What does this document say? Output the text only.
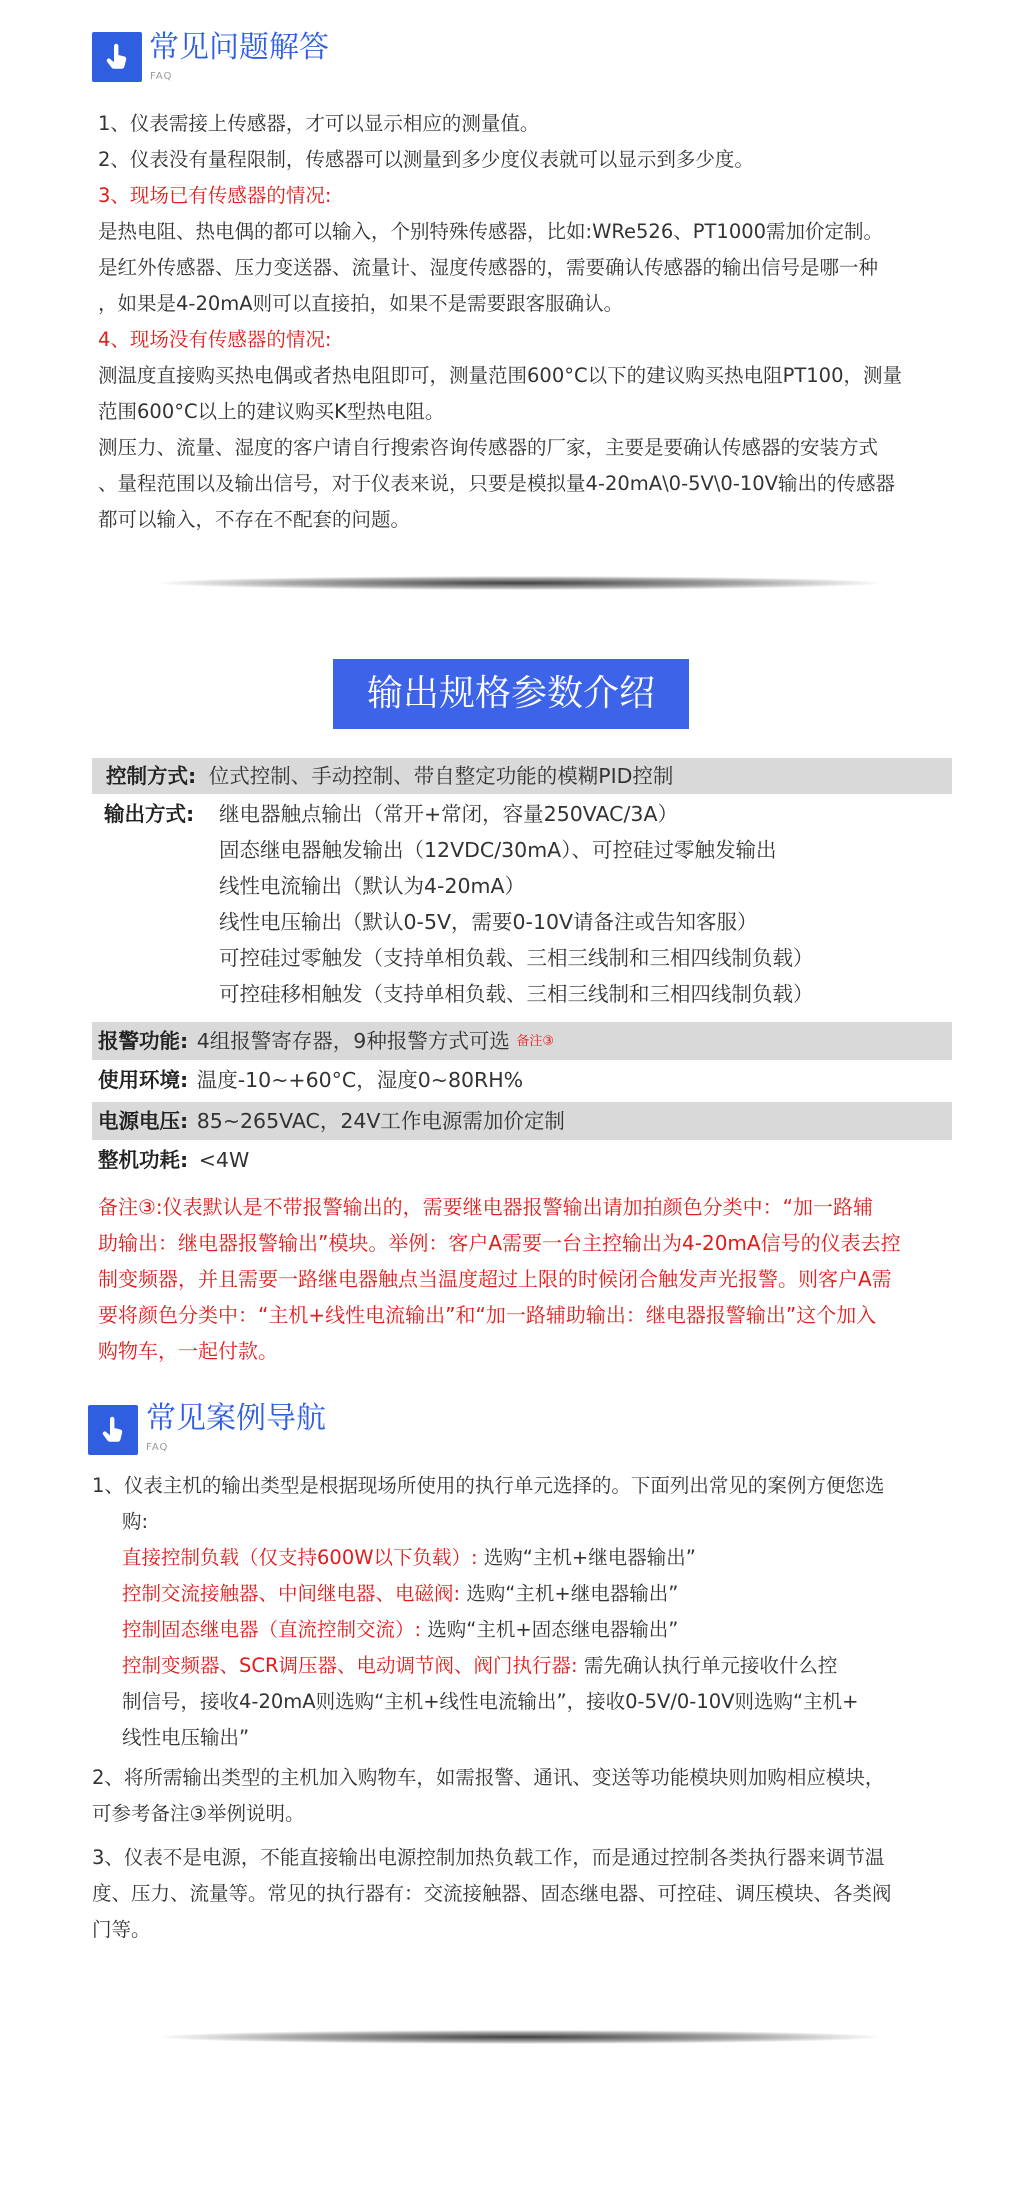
常见问题解答
FAQ
1、仪表需接上传感器，才可以显示相应的测量值。
2、仪表没有量程限制，传感器可以测量到多少度仪表就可以显示到多少度。
3、现场已有传感器的情况:
是热电阻、热电偶的都可以输入，个别特殊传感器，比如:WRe526、PT1000需加价定制。
是红外传感器、压力变送器、流量计、湿度传感器的，需要确认传感器的输出信号是哪一种
，如果是4-20mA则可以直接拍，如果不是需要跟客服确认。
4、现场没有传感器的情况:
测温度直接购买热电偶或者热电阻即可，测量范围600°C以下的建议购买热电阻PT100，测量
范围600°C以上的建议购买K型热电阻。
测压力、流量、湿度的客户请自行搜索咨询传感器的厂家，主要是要确认传感器的安装方式
、量程范围以及输出信号，对于仪表来说，只要是模拟量4-20mA\0-5V\0-10V输出的传感器
都可以输入，不存在不配套的问题。
输出规格参数介绍
控制方式: 位式控制、手动控制、带自整定功能的模糊PID控制
输出方式:	继电器触点输出（常开+常闭，容量250VAC/3A）
固态继电器触发输出（12VDC/30mA）、可控硅过零触发输出
线性电流输出（默认为4-20mA）
线性电压输出（默认0-5V，需要0-10V请备注或告知客服）
可控硅过零触发（支持单相负载、三相三线制和三相四线制负载）
可控硅移相触发（支持单相负载、三相三线制和三相四线制负载）
报警功能: 4组报警寄存器，9种报警方式可选 备注③
使用环境: 温度-10~+60°C，湿度0~80RH%
电源电压: 85~265VAC，24V工作电源需加价定制
整机功耗: <4W
备注③:仪表默认是不带报警输出的，需要继电器报警输出请加拍颜色分类中：“加一路辅
助输出：继电器报警输出”模块。举例：客户A需要一台主控输出为4-20mA信号的仪表去控
制变频器，并且需要一路继电器触点当温度超过上限的时候闭合触发声光报警。则客户A需
要将颜色分类中：“主机+线性电流输出”和“加一路辅助输出：继电器报警输出”这个加入
购物车，一起付款。
常见案例导航
FAQ
1、仪表主机的输出类型是根据现场所使用的执行单元选择的。下面列出常见的案例方便您选
购:
直接控制负载（仅支持600W以下负载）: 选购“主机+继电器输出”
控制交流接触器、中间继电器、电磁阀: 选购“主机+继电器输出”
控制固态继电器（直流控制交流）: 选购“主机+固态继电器输出”
控制变频器、SCR调压器、电动调节阀、阀门执行器: 需先确认执行单元接收什么控
制信号，接收4-20mA则选购“主机+线性电流输出”，接收0-5V/0-10V则选购“主机+
线性电压输出”
2、将所需输出类型的主机加入购物车，如需报警、通讯、变送等功能模块则加购相应模块，
可参考备注③举例说明。
3、仪表不是电源，不能直接输出电源控制加热负载工作，而是通过控制各类执行器来调节温
度、压力、流量等。常见的执行器有：交流接触器、固态继电器、可控硅、调压模块、各类阀
门等。
